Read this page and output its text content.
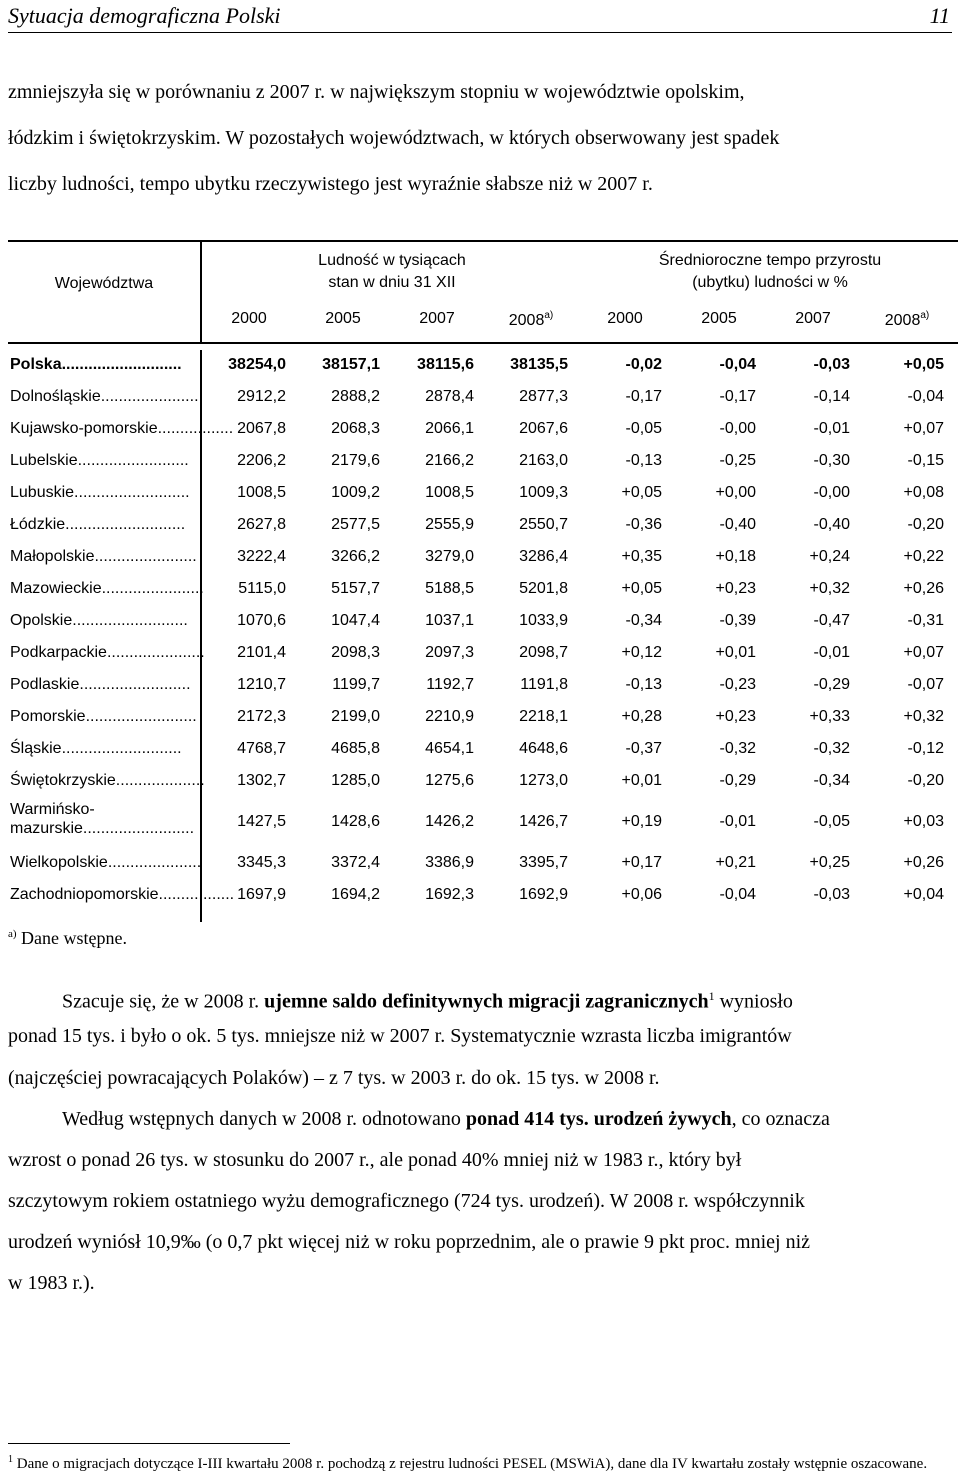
Sytuacja demograficzna Polski	11

zmniejszyła się w porównaniu z 2007 r. w największym stopniu w województwie opolskim,

łódzkim i świętokrzyskim. W pozostałych województwach, w których obserwowany jest spadek

liczby ludności, tempo ubytku rzeczywistego jest wyraźnie słabsze niż w 2007 r.

Województwa
Ludność w tysiącach
stan w dniu 31 XII
Średnioroczne tempo przyrostu
(ubytku) ludności w %
2000	2005	2007	2008$^{a)}$	2000	2005	2007	2008$^{a)}$
Polska...........................	38254,0	38157,1	38115,6	38135,5	-0,02	-0,04	-0,03	+0,05
Dolnośląskie......................	2912,2	2888,2	2878,4	2877,3	-0,17	-0,17	-0,14	-0,04
Kujawsko-pomorskie................. 2067,8	2068,3	2066,1	2067,6	-0,05	-0,00	-0,01	+0,07
Lubelskie.........................	2206,2	2179,6	2166,2	2163,0	-0,13	-0,25	-0,30	-0,15
Lubuskie..........................	1008,5	1009,2	1008,5	1009,3	+0,05	+0,00	-0,00	+0,08
Łódzkie...........................	2627,8	2577,5	2555,9	2550,7	-0,36	-0,40	-0,40	-0,20
Małopolskie.......................	3222,4	3266,2	3279,0	3286,4	+0,35	+0,18	+0,24	+0,22
Mazowieckie.......................	5115,0	5157,7	5188,5	5201,8	+0,05	+0,23	+0,32	+0,26
Opolskie..........................	1070,6	1047,4	1037,1	1033,9	-0,34	-0,39	-0,47	-0,31
Podkarpackie......................	2101,4	2098,3	2097,3	2098,7	+0,12	+0,01	-0,01	+0,07
Podlaskie.........................	1210,7	1199,7	1192,7	1191,8	-0,13	-0,23	-0,29	-0,07
Pomorskie.........................	2172,3	2199,0	2210,9	2218,1	+0,28	+0,23	+0,33	+0,32
Śląskie...........................	4768,7	4685,8	4654,1	4648,6	-0,37	-0,32	-0,32	-0,12
Świętokrzyskie....................	1302,7	1285,0	1275,6	1273,0	+0,01	-0,29	-0,34	-0,20
Warmińsko-
mazurskie.........................	1427,5	1428,6	1426,2	1426,7	+0,19	-0,01	-0,05	+0,03
Wielkopolskie.....................	3345,3	3372,4	3386,9	3395,7	+0,17	+0,21	+0,25	+0,26
Zachodniopomorskie................. 1697,9	1694,2	1692,3	1692,9	+0,06	-0,04	-0,03	+0,04
$^{a)}$ Dane wstępne.

Szacuje się, że w 2008 r. ujemne saldo definitywnych migracji zagranicznych$^1$ wyniosło

ponad 15 tys. i było o ok. 5 tys. mniejsze niż w 2007 r. Systematycznie wzrasta liczba imigrantów

(najczęściej powracających Polaków) – z 7 tys. w 2003 r. do ok. 15 tys. w 2008 r.

Według wstępnych danych w 2008 r. odnotowano ponad 414 tys. urodzeń żywych, co oznacza

wzrost o ponad 26 tys. w stosunku do 2007 r., ale ponad 40% mniej niż w 1983 r., który był

szczytowym rokiem ostatniego wyżu demograficznego (724 tys. urodzeń). W 2008 r. współczynnik

urodzeń wyniósł 10,9‰ (o 0,7 pkt więcej niż w roku poprzednim, ale o prawie 9 pkt proc. mniej niż

w 1983 r.).

$^1$ Dane o migracjach dotyczące I-III kwartału 2008 r. pochodzą z rejestru ludności PESEL (MSWiA), dane dla IV kwartału zostały wstępnie oszacowane.
